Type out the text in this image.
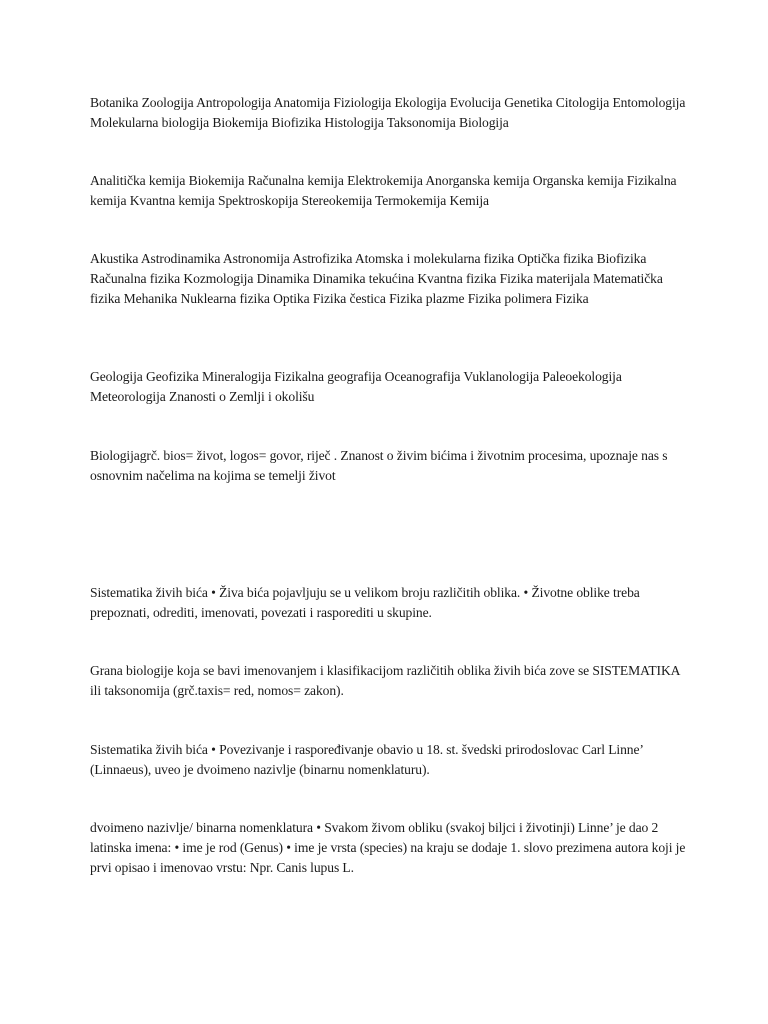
Botanika Zoologija Antropologija Anatomija Fiziologija Ekologija Evolucija Genetika Citologija Entomologija Molekularna biologija Biokemija Biofizika Histologija Taksonomija Biologija

Analitička kemija Biokemija Računalna kemija Elektrokemija Anorganska kemija Organska kemija Fizikalna kemija Kvantna kemija Spektroskopija Stereokemija Termokemija Kemija

Akustika Astrodinamika Astronomija Astrofizika Atomska i molekularna fizika Optička fizika Biofizika Računalna fizika Kozmologija Dinamika Dinamika tekućina Kvantna fizika Fizika materijala Matematička fizika Mehanika Nuklearna fizika Optika Fizika čestica Fizika plazme Fizika polimera Fizika

Geologija Geofizika Mineralogija Fizikalna geografija Oceanografija Vuklanologija Paleoekologija Meteorologija Znanosti o Zemlji i okolišu

Biologijagrč. bios= život, logos= govor, riječ . Znanost o živim bićima i životnim procesima, upoznaje nas s osnovnim načelima na kojima se temelji život

Sistematika živih bića • Živa bića pojavljuju se u velikom broju različitih oblika. • Životne oblike treba prepoznati, odrediti, imenovati, povezati i rasporediti u skupine.

Grana biologije koja se bavi imenovanjem i klasifikacijom različitih oblika živih bića zove se SISTEMATIKA ili taksonomija (grč.taxis= red, nomos= zakon).

Sistematika živih bića • Povezivanje i raspoređivanje obavio u 18. st. švedski prirodoslovac Carl Linne’ (Linnaeus), uveo je dvoimeno nazivlje (binarnu nomenklaturu).

dvoimeno nazivlje/ binarna nomenklatura • Svakom živom obliku (svakoj biljci i životinji) Linne’ je dao 2 latinska imena: • ime je rod (Genus) • ime je vrsta (species) na kraju se dodaje 1. slovo prezimena autora koji je prvi opisao i imenovao vrstu: Npr. Canis lupus L.
